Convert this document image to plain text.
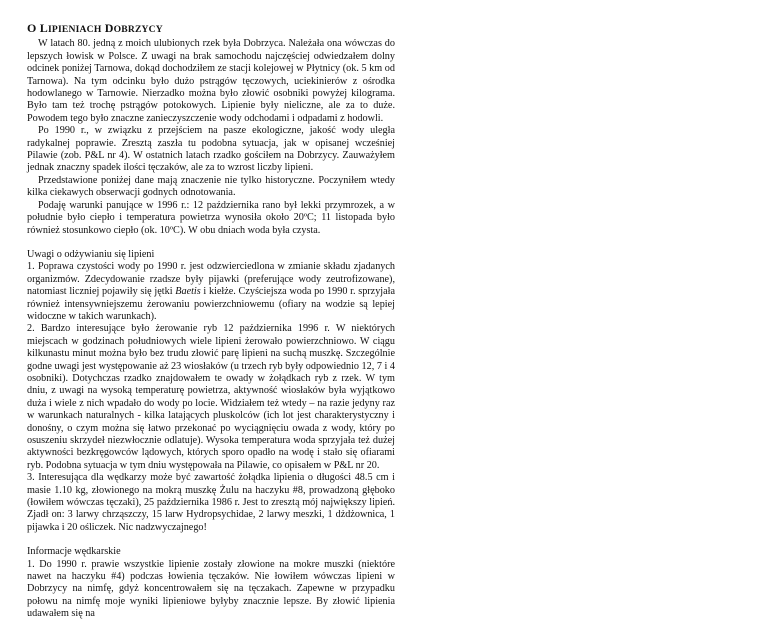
O LIPIENIACH DOBRZYCY

W latach 80. jedną z moich ulubionych rzek była Dobrzyca. Należała ona wówczas do lepszych łowisk w Polsce. Z uwagi na brak samochodu najczęściej odwiedzałem dolny odcinek poniżej Tarnowa, dokąd dochodziłem ze stacji kolejowej w Płytnicy (ok. 5 km od Tarnowa). Na tym odcinku było dużo pstrągów tęczowych, uciekinierów z ośrodka hodowlanego w Tarnowie. Nierzadko można było złowić osobniki powyżej kilograma. Było tam też trochę pstrągów potokowych. Lipienie były nieliczne, ale za to duże. Powodem tego było znaczne zanieczyszczenie wody odchodami i odpadami z hodowli.

Po 1990 r., w związku z przejściem na pasze ekologiczne, jakość wody uległa radykalnej poprawie. Zresztą zaszła tu podobna sytuacja, jak w opisanej wcześniej Pilawie (zob. P&L nr 4). W ostatnich latach rzadko gościłem na Dobrzycy. Zauważyłem jednak znaczny spadek ilości tęczaków, ale za to wzrost liczby lipieni.

Przedstawione poniżej dane mają znaczenie nie tylko historyczne. Poczyniłem wtedy kilka ciekawych obserwacji godnych odnotowania.

Podaję warunki panujące w 1996 r.: 12 października rano był lekki przymrozek, a w południe było ciepło i temperatura powietrza wynosiła około 20ºC; 11 listopada było również stosunkowo ciepło (ok. 10ºC). W obu dniach woda była czysta.

Uwagi o odżywianiu się lipieni

1. Poprawa czystości wody po 1990 r. jest odzwierciedlona w zmianie składu zjadanych organizmów. Zdecydowanie rzadsze były pijawki (preferujące wody zeutrofizowane), natomiast liczniej pojawiły się jętki Baetis i kiełże. Czyściejsza woda po 1990 r. sprzyjała również intensywniejszemu żerowaniu powierzchniowemu (ofiary na wodzie są lepiej widoczne w takich warunkach).

2. Bardzo interesujące było żerowanie ryb 12 października 1996 r. W niektórych miejscach w godzinach południowych wiele lipieni żerowało powierzchniowo. W ciągu kilkunastu minut można było bez trudu złowić parę lipieni na suchą muszkę. Szczególnie godne uwagi jest występowanie aż 23 wiosłaków (u trzech ryb były odpowiednio 12, 7 i 4 osobniki). Dotychczas rzadko znajdowałem te owady w żołądkach ryb z rzek. W tym dniu, z uwagi na wysoką temperaturę powietrza, aktywność wiosłaków była wyjątkowo duża i wiele z nich wpadało do wody po locie. Widziałem też wtedy – na razie jedyny raz w warunkach naturalnych - kilka latających pluskolców (ich lot jest charakterystyczny i donośny, o czym można się łatwo przekonać po wyciągnięciu owada z wody, który po osuszeniu skrzydeł niezwłocznie odlatuje). Wysoka temperatura woda sprzyjała też dużej aktywności bezkręgowców lądowych, których sporo opadło na wodę i stało się ofiarami ryb. Podobna sytuacja w tym dniu występowała na Pilawie, co opisałem w P&L nr 20.

3. Interesująca dla wędkarzy może być zawartość żołądka lipienia o długości 48.5 cm i masie 1.10 kg, złowionego na mokrą muszkę Żulu na haczyku #8, prowadzoną głęboko (łowiłem wówczas tęczaki), 25 października 1986 r. Jest to zresztą mój największy lipień. Zjadł on: 3 larwy chrząszczy, 15 larw Hydropsychidae, 2 larwy meszki, 1 dżdżownica, 1 pijawka i 20 ośliczek. Nic nadzwyczajnego!

Informacje wędkarskie

1. Do 1990 r. prawie wszystkie lipienie zostały złowione na mokre muszki (niektóre nawet na haczyku #4) podczas łowienia tęczaków. Nie łowiłem wówczas lipieni w Dobrzycy na nimfę, gdyż koncentrowałem się na tęczakach. Zapewne w przypadku połowu na nimfę moje wyniki lipieniowe byłyby znacznie lepsze. By złowić lipienia udawałem się na
